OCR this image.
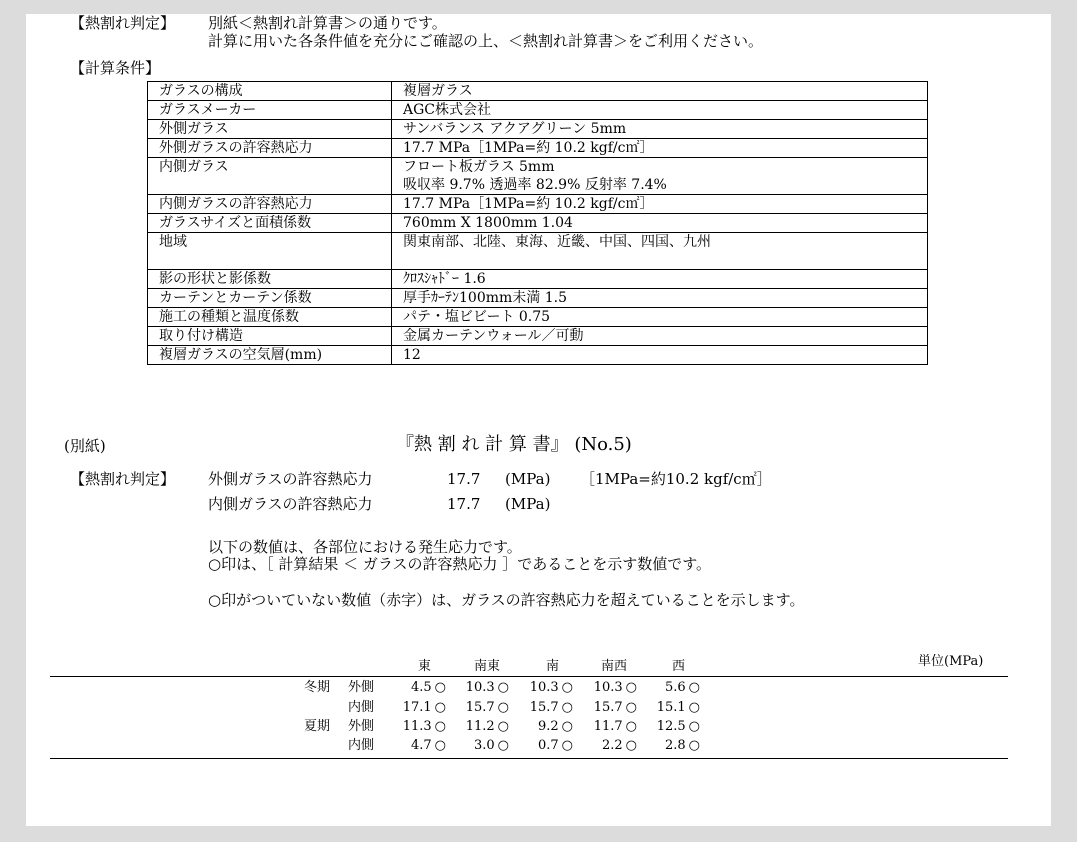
【熱割れ判定】 別紙＜熱割れ計算書＞の通りです。
計算に用いた各条件値を充分にご確認の上、＜熱割れ計算書＞をご利用ください。
【計算条件】
ガラスの構成	複層ガラス
ガラスメーカー	AGC株式会社
外側ガラス	サンバランス アクアグリーン 5mm
外側ガラスの許容熱応力	17.7 MPa［1MPa=約 10.2 kgf/c㎡］
内側ガラス	フロート板ガラス 5mm
吸収率 9.7% 透過率 82.9% 反射率 7.4%

内側ガラスの許容熱応力	17.7 MPa［1MPa=約 10.2 kgf/c㎡］
ガラスサイズと面積係数	760mm X 1800mm 1.04
地域	関東南部、北陸、東海、近畿、中国、四国、九州

影の形状と影係数	ｸﾛｽｼｬﾄﾞｰ 1.6
カーテンとカーテン係数	厚手ｶｰﾃﾝ100mm未満 1.5
施工の種類と温度係数	パテ・塩ビビート 0.75
取り付け構造	金属カーテンウォール／可動
複層ガラスの空気層(mm)	12
(別紙)	『熱 割 れ 計 算 書』 (No.5)
【熱割れ判定】 外側ガラスの許容熱応力	17.7 (MPa) ［1MPa=約10.2 kgf/c㎡］
内側ガラスの許容熱応力	17.7 (MPa)
以下の数値は、各部位における発生応力です。
○印は、［ 計算結果 ＜ ガラスの許容熱応力 ］であることを示す数値です。
○印がついていない数値（赤字）は、ガラスの許容熱応力を超えていることを示します。
単位(MPa)
東	南東	南	南西	西
冬期 外側	4.5 ○	10.3 ○	10.3 ○	10.3 ○	5.6 ○
内側	17.1 ○	15.7 ○	15.7 ○	15.7 ○	15.1 ○
夏期 外側	11.3 ○	11.2 ○	9.2 ○	11.7 ○	12.5 ○
内側	4.7 ○	3.0 ○	0.7 ○	2.2 ○	2.8 ○
